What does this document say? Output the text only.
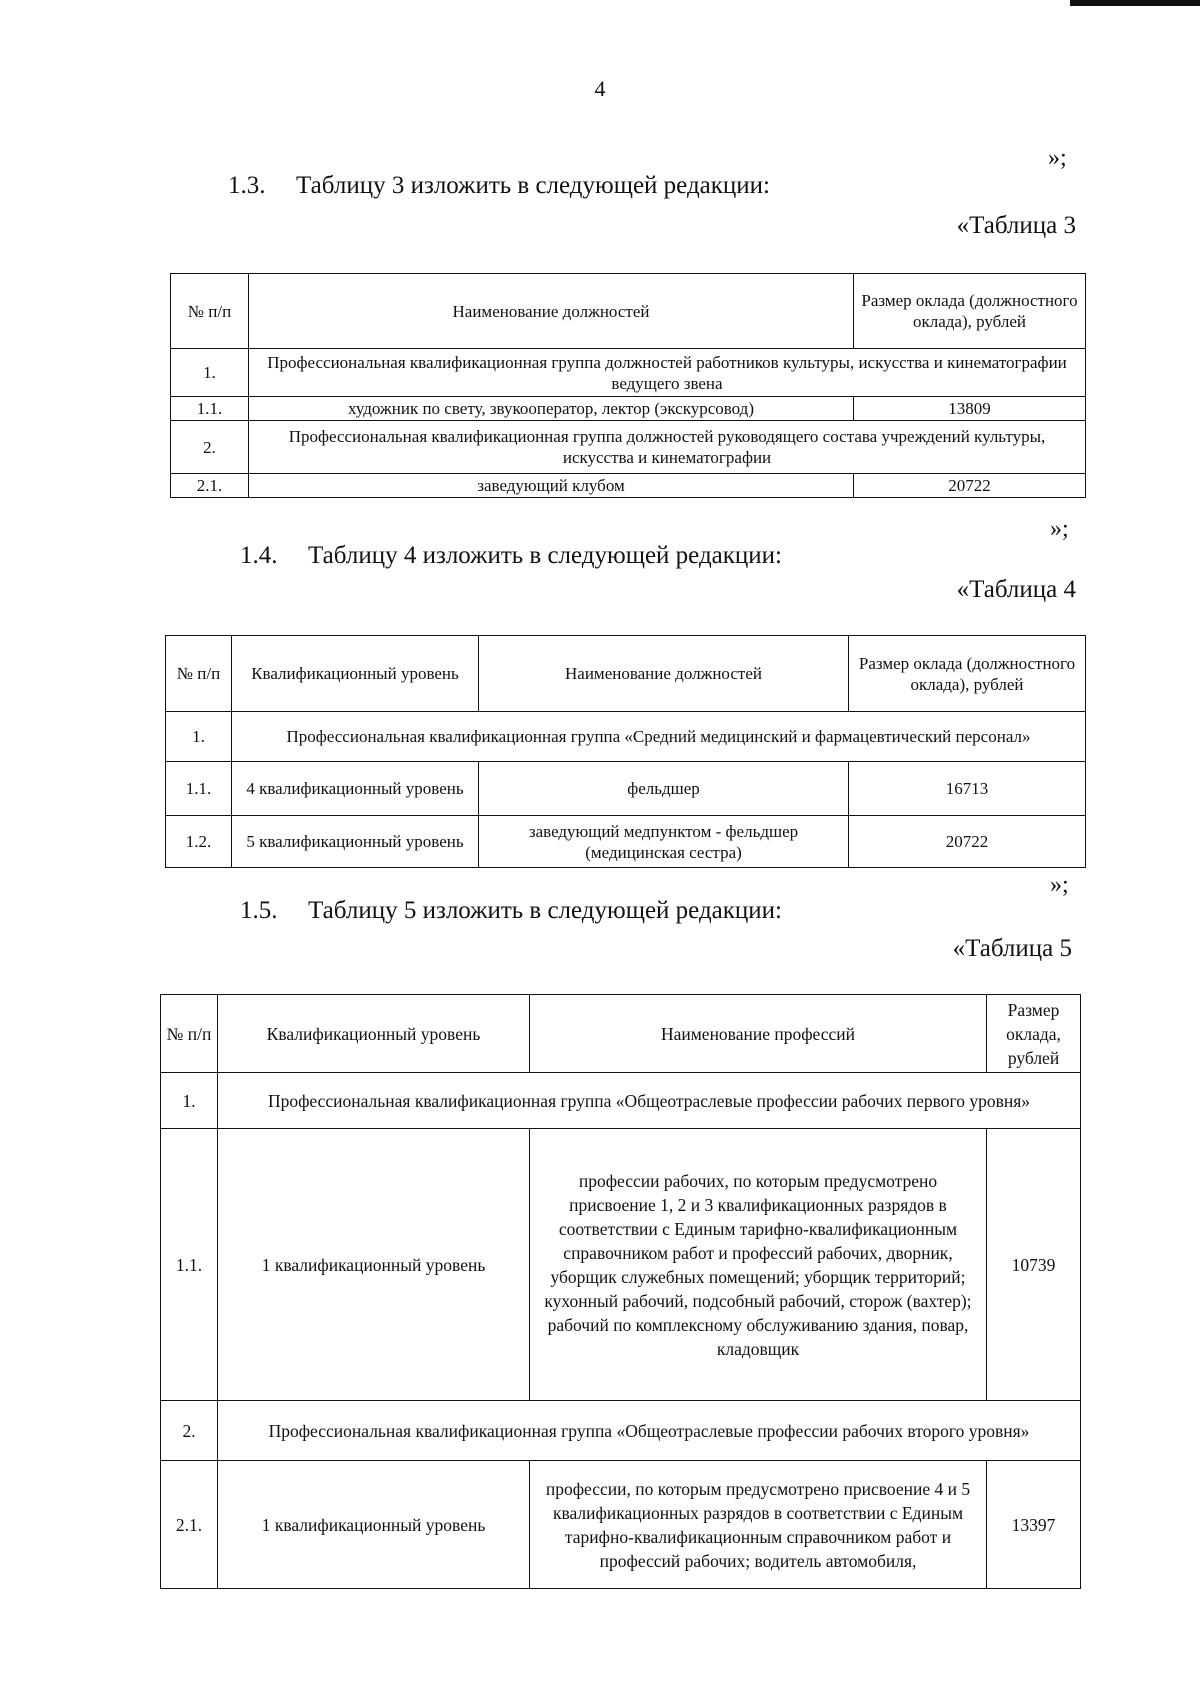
4
»;
1.3. Таблицу 3 изложить в следующей редакции:
«Таблица 3
№ п/п	Наименование должностей	Размер оклада (должностного оклада), рублей
1.	Профессиональная квалификационная группа должностей работников культуры, искусства и кинематографии ведущего звена	
1.1.	художник по свету, звукооператор, лектор (экскурсовод)	13809
2.	Профессиональная квалификационная группа должностей руководящего состава учреждений культуры, искусства и кинематографии	
2.1.	заведующий клубом	20722
»;
1.4. Таблицу 4 изложить в следующей редакции:
«Таблица 4
№ п/п	Квалификационный уровень	Наименование должностей	Размер оклада (должностного оклада), рублей
1.	Профессиональная квалификационная группа «Средний медицинский и фармацевтический персонал»		
1.1.	4 квалификационный уровень	фельдшер	16713
1.2.	5 квалификационный уровень	заведующий медпунктом - фельдшер (медицинская сестра)	20722
»;
1.5. Таблицу 5 изложить в следующей редакции:
«Таблица 5
№ п/п	Квалификационный уровень	Наименование профессий	Размер оклада, рублей
1.	Профессиональная квалификационная группа «Общеотраслевые профессии рабочих первого уровня»		
1.1.	1 квалификационный уровень	профессии рабочих, по которым предусмотрено присвоение 1, 2 и 3 квалификационных разрядов в соответствии с Единым тарифно-квалификационным справочником работ и профессий рабочих, дворник, уборщик служебных помещений; уборщик территорий; кухонный рабочий, подсобный рабочий, сторож (вахтер); рабочий по комплексному обслуживанию здания, повар, кладовщик	10739
2.	Профессиональная квалификационная группа «Общеотраслевые профессии рабочих второго уровня»		
2.1.	1 квалификационный уровень	профессии, по которым предусмотрено присвоение 4 и 5 квалификационных разрядов в соответствии с Единым тарифно-квалификационным справочником работ и профессий рабочих; водитель автомобиля,	13397
